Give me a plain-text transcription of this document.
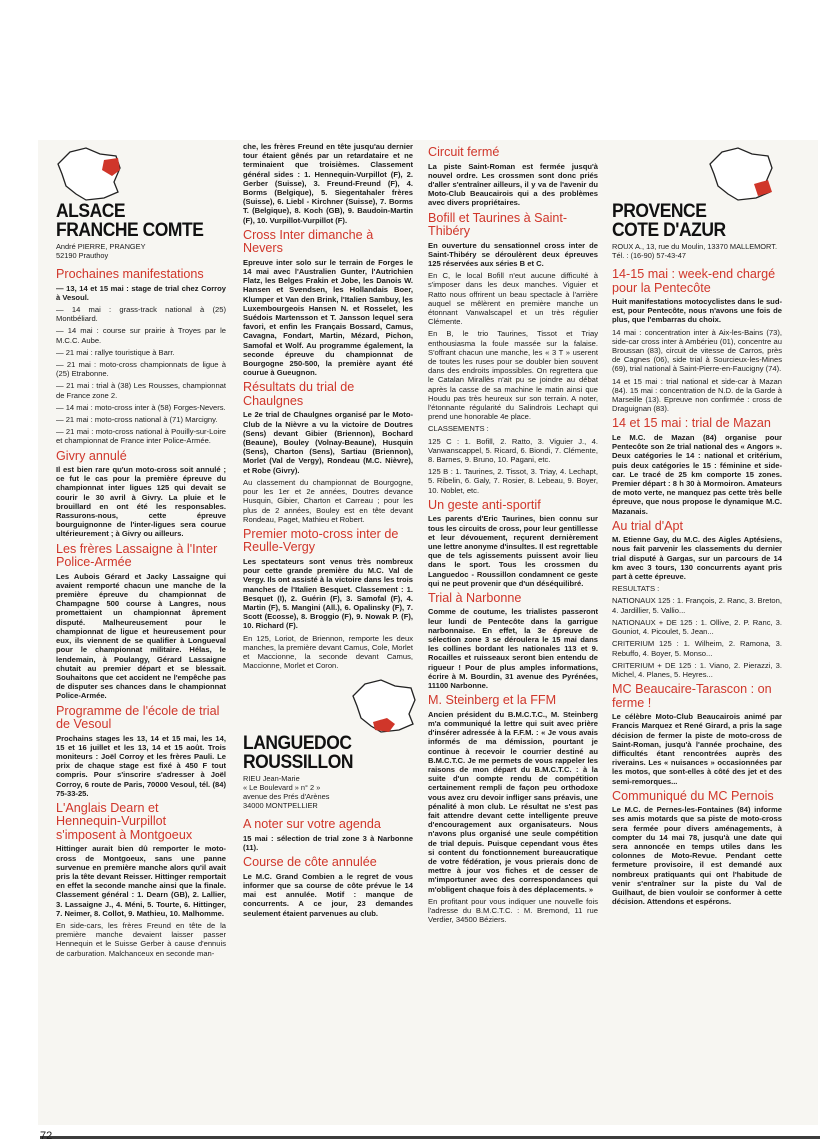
ALSACE
FRANCHE COMTE
André PIERRE, PRANGEY
52190 Prauthoy
Prochaines manifestations

— 13, 14 et 15 mai : stage de trial chez Corroy à Vesoul.

— 14 mai : grass-track national à (25) Montbéliard.

— 14 mai : course sur prairie à Troyes par le M.C.C. Aube.

— 21 mai : rallye touristique à Barr.

— 21 mai : moto-cross championnats de ligue à (25) Etrabonne.

— 21 mai : trial à (38) Les Rousses, championnat de France zone 2.

— 14 mai : moto-cross inter à (58) Forges-Nevers.

— 21 mai : moto-cross national à (71) Marcigny.

— 21 mai : moto-cross national à Pouilly-sur-Loire et championnat de France inter Police-Armée.

Givry annulé

Il est bien rare qu'un moto-cross soit annulé ; ce fut le cas pour la première épreuve du championnat inter ligues 125 qui devait se courir le 30 avril à Givry. La pluie et le brouillard en ont été les responsables. Rassurons-nous, cette épreuve bourguignonne de l'inter-ligues sera courue ultérieurement ; à Givry ou ailleurs.

Les frères Lassaigne à l'Inter Police-Armée

Les Aubois Gérard et Jacky Lassaigne qui avaient remporté chacun une manche de la première épreuve du championnat de Champagne 500 course à Langres, nous promettaient un championnat âprement disputé. Malheureusement pour le championnat de ligue et heureusement pour eux, ils viennent de se qualifier à Longueval pour le championnat militaire. Hélas, le lendemain, à Poulangy, Gérard Lassaigne chutait au premier départ et se blessait. Souhaitons que cet accident ne l'empêche pas de disputer ses chances dans le championnat Police-Armée.

Programme de l'école de trial de Vesoul

Prochains stages les 13, 14 et 15 mai, les 14, 15 et 16 juillet et les 13, 14 et 15 août. Trois moniteurs : Joël Corroy et les frères Pauli. Le prix de chaque stage est fixé à 450 F tout compris. Pour s'inscrire s'adresser à Joël Corroy, 6 route de Paris, 70000 Vesoul, tél. (84) 75-33-25.

L'Anglais Dearn et Hennequin-Vurpillot s'imposent à Montgoeux

Hittinger aurait bien dû remporter le moto-cross de Montgoeux, sans une panne survenue en première manche alors qu'il avait pris la tête devant Reisser. Hittinger remportait en effet la seconde manche ainsi que la finale. Classement général : 1. Dearn (GB), 2. Lallier, 3. Lassaigne J., 4. Méni, 5. Tourte, 6. Hittinger, 7. Neimer, 8. Collot, 9. Mathieu, 10. Malhomme.

En side-cars, les frères Freund en tête de la première manche devaient laisser passer Hennequin et le Suisse Gerber à cause d'ennuis de carburation. Malchanceux en seconde man-

che, les frères Freund en tête jusqu'au dernier tour étaient gênés par un retardataire et ne terminaient que troisièmes. Classement général sides : 1. Hennequin-Vurpillot (F), 2. Gerber (Suisse), 3. Freund-Freund (F), 4. Borms (Belgique), 5. Siegentahaler frères (Suisse), 6. Liebl - Kirchner (Suisse), 7. Borms T. (Belgique), 8. Koch (GB), 9. Baudoin-Martin (F), 10. Vurpillot-Vurpillot (F).

Cross Inter dimanche à Nevers

Epreuve inter solo sur le terrain de Forges le 14 mai avec l'Australien Gunter, l'Autrichien Flatz, les Belges Frakin et Jobe, les Danois W. Hansen et Svendsen, les Hollandais Boer, Klumper et Van den Brink, l'Italien Sambuy, les Luxembourgeois Hansen N. et Rosselet, les Suédois Martensson et T. Jansson lequel sera favori, et enfin les Français Bossard, Camus, Cavagna, Fondart, Martin, Mézard, Pichon, Samofal et Wolf. Au programme également, la seconde épreuve du championnat de Bourgogne 250-500, la première ayant été courue à Gueugnon.

Résultats du trial de Chaulgnes

Le 2e trial de Chaulgnes organisé par le Moto-Club de la Nièvre a vu la victoire de Doutres (Sens) devant Gibier (Briennon), Bochard (Beaune), Bouley (Volnay-Beaune), Husquin (Sens), Charton (Sens), Sartiau (Briennon), Morlet (Val de Vergy), Rondeau (M.C. Nièvre), et Robe (Givry).

Au classement du championnat de Bourgogne, pour les 1er et 2e années, Doutres devance Husquin, Gibier, Charton et Carreau ; pour les plus de 2 années, Bouley est en tête devant Rondeau, Paget, Mathieu et Robert.

Premier moto-cross inter de Reulle-Vergy

Les spectateurs sont venus très nombreux pour cette grande première du M.C. Val de Vergy. Ils ont assisté à la victoire dans les trois manches de l'Italien Besquet. Classement : 1. Besquet (I), 2. Guérin (F), 3. Samofal (F), 4. Martin (F), 5. Mangini (All.), 6. Opalinsky (F), 7. Scott (Ecosse), 8. Broggio (F), 9. Nowak P. (F), 10. Richard (F).

En 125, Loriot, de Briennon, remporte les deux manches, la première devant Camus, Cole, Morlet et Maccionne, la seconde devant Camus, Maccionne, Morlet et Coron.

LANGUEDOC
ROUSSILLON
RIEU Jean-Marie
« Le Boulevard » n° 2 »
avenue des Prés d'Arènes
34000 MONTPELLIER
A noter sur votre agenda

15 mai : sélection de trial zone 3 à Narbonne (11).

Course de côte annulée

Le M.C. Grand Combien a le regret de vous informer que sa course de côte prévue le 14 mai est annulée. Motif : manque de concurrents. A ce jour, 23 demandes seulement étaient parvenues au club.

Circuit fermé

La piste Saint-Roman est fermée jusqu'à nouvel ordre. Les crossmen sont donc priés d'aller s'entraîner ailleurs, il y va de l'avenir du Moto-Club Beaucairois qui a des problèmes avec divers propriétaires.

Bofill et Taurines à Saint-Thibéry

En ouverture du sensationnel cross inter de Saint-Thibéry se déroulèrent deux épreuves 125 réservées aux séries B et C.

En C, le local Bofill n'eut aucune difficulté à s'imposer dans les deux manches. Viguier et Ratto nous offrirent un beau spectacle à l'arrière auquel se mêlèrent en première manche un étonnant Vanwalscapel et un très régulier Clémente.

En B, le trio Taurines, Tissot et Triay enthousiasma la foule massée sur la falaise. S'offrant chacun une manche, les « 3 T » userent de toutes les ruses pour se doubler bien souvent dans des endroits impossibles. On regrettera que le Catalan Mirallès n'ait pu se joindre au débat après la casse de sa machine le matin ainsi que Houdu pas très heureux sur son terrain. A noter, l'étonnante régularité du Salindrois Lechapt qui prend une honorable 4e place.

CLASSEMENTS :

125 C : 1. Bofill, 2. Ratto, 3. Viguier J., 4. Vanwanscappel, 5. Ricard, 6. Biondi, 7. Clémente, 8. Barnes, 9. Bruno, 10. Pagani, etc.

125 B : 1. Taurines, 2. Tissot, 3. Triay, 4. Lechapt, 5. Ribelin, 6. Galy, 7. Rosier, 8. Lebeau, 9. Boyer, 10. Noblet, etc.

Un geste anti-sportif

Les parents d'Eric Taurines, bien connu sur tous les circuits de cross, pour leur gentillesse et leur dévouement, reçurent dernièrement une lettre anonyme d'insultes. Il est regrettable que de tels agissements puissent avoir lieu dans le sport. Tous les crossmen du Languedoc - Roussillon condamnent ce geste qui ne peut provenir que d'un déséquilibré.

Trial à Narbonne

Comme de coutume, les trialistes passeront leur lundi de Pentecôte dans la garrigue narbonnaise. En effet, la 3e épreuve de sélection zone 3 se déroulera le 15 mai dans les collines bordant les nationales 113 et 9. Rocailles et ruisseaux seront bien entendu de rigueur ! Pour de plus amples informations, écrire à M. Bourdin, 31 avenue des Pyrénées, 11100 Narbonne.

M. Steinberg et la FFM

Ancien président du B.M.C.T.C., M. Steinberg m'a communiqué la lettre qui suit avec prière d'insérer adressée à la F.F.M. : « Je vous avais informés de ma démission, pourtant je continue à recevoir le courrier destiné au B.M.C.T.C. Je me permets de vous rappeler les raisons de mon départ du B.M.C.T.C. : à la suite d'un compte rendu de compétition certainement rempli de façon peu orthodoxe vous avez cru devoir infliger sans préavis, une pénalité à mon club. Le résultat ne s'est pas fait attendre devant cette intelligente preuve d'encouragement aux organisateurs. Nous n'avons plus organisé une seule compétition de trial depuis. Puisque cependant vous êtes si content du fonctionnement bureaucratique de votre fédération, je vous prierais donc de mettre à jour vos fiches et de cesser de m'importuner avec des correspondances qui m'obligent chaque fois à des déplacements. »

En profitant pour vous indiquer une nouvelle fois l'adresse du B.M.C.T.C. : M. Bremond, 11 rue Verdier, 34500 Béziers.

PROVENCE
COTE D'AZUR
ROUX A., 13, rue du Moulin, 13370 MALLEMORT. Tél. : (16-90) 57-43-47
14-15 mai : week-end chargé pour la Pentecôte

Huit manifestations motocyclistes dans le sud-est, pour Pentecôte, nous n'avons une fois de plus, que l'embarras du choix.

14 mai : concentration inter à Aix-les-Bains (73), side-car cross inter à Ambérieu (01), concentre au Broussan (83), circuit de vitesse de Carros, près de Cagnes (06), side trial à Sourcieux-les-Mines (69), trial national à Saint-Pierre-en-Faucigny (74).

14 et 15 mai : trial national et side-car à Mazan (84). 15 mai : concentration de N.D. de la Garde à Marseille (13). Epreuve non confirmée : cross de Draguignan (83).

14 et 15 mai : trial de Mazan

Le M.C. de Mazan (84) organise pour Pentecôte son 2e trial national des « Angors ». Deux catégories le 14 : national et critérium, puis deux catégories le 15 : féminine et side-car. Le tracé de 25 km comporte 15 zones. Premier départ : 8 h 30 à Mormoiron. Amateurs de moto verte, ne manquez pas cette très belle épreuve, que nous propose le dynamique M.C. Mazanais.

Au trial d'Apt

M. Etienne Gay, du M.C. des Aigles Aptésiens, nous fait parvenir les classements du dernier trial disputé à Gargas, sur un parcours de 14 km avec 3 tours, 130 concurrents ayant pris part à cette épreuve.

RESULTATS :

NATIONAUX 125 : 1. François, 2. Ranc, 3. Breton, 4. Jardillier, 5. Vallio...

NATIONAUX + DE 125 : 1. Ollive, 2. P. Ranc, 3. Gouniot, 4. Picoulet, 5. Jean...

CRITERIUM 125 : 1. Wilheim, 2. Ramona, 3. Rebuffo, 4. Boyer, 5. Monso...

CRITERIUM + DE 125 : 1. Viano, 2. Pierazzi, 3. Michel, 4. Planes, 5. Heyres...

MC Beaucaire-Tarascon : on ferme !

Le célèbre Moto-Club Beaucairois animé par Francis Marquez et René Girard, a pris la sage décision de fermer la piste de moto-cross de Saint-Roman, jusqu'à l'année prochaine, des difficultés étant rencontrées auprès des riverains. Les « nuisances » occasionnées par les motos, que sont-elles à côté des jet et des semi-remorques...

Communiqué du MC Pernois

Le M.C. de Pernes-les-Fontaines (84) informe ses amis motards que sa piste de moto-cross sera fermée pour divers aménagements, à compter du 14 mai 78, jusqu'à une date qui sera annoncée en temps utiles dans les colonnes de Moto-Revue. Pendant cette fermeture provisoire, il est demandé aux nombreux pratiquants qui ont l'habitude de venir s'entraîner sur la piste du Val de Guilhaut, de bien vouloir se conformer à cette décision. Attendons et espérons.
